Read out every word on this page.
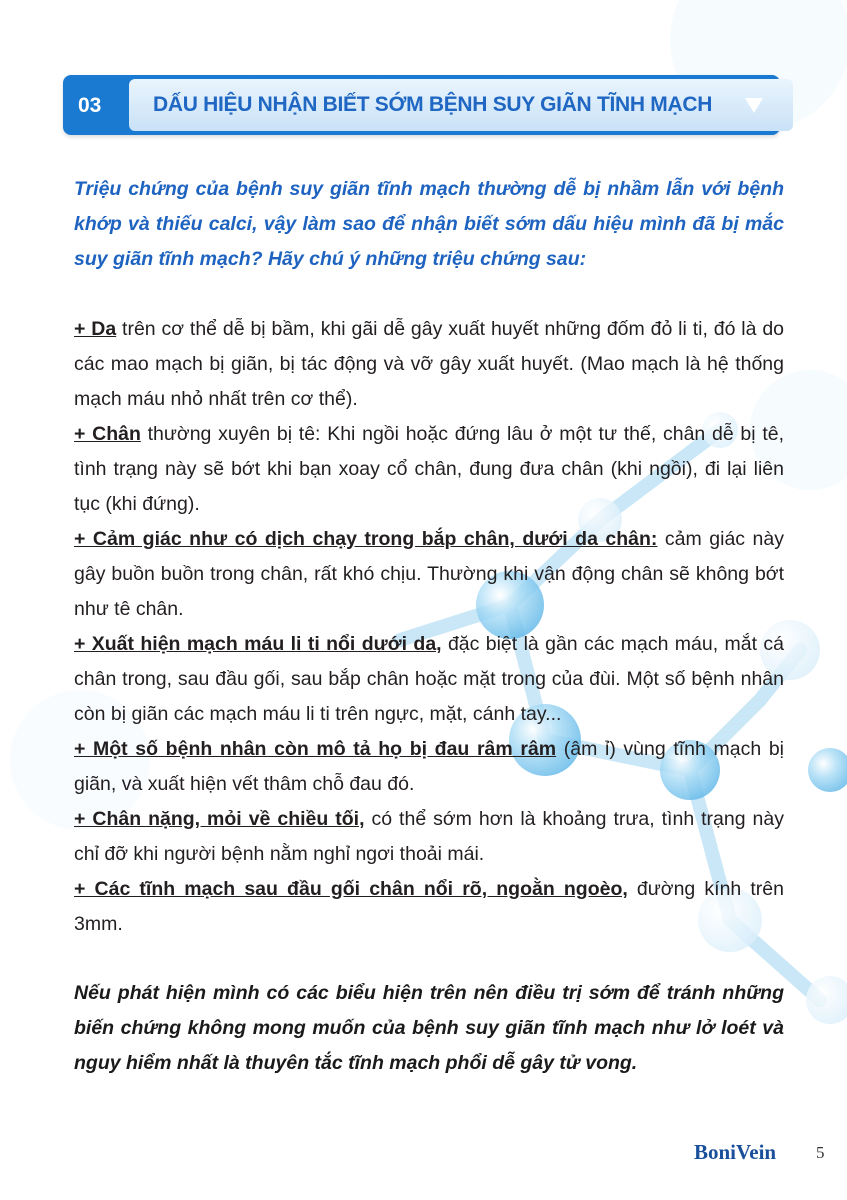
03	DẤU HIỆU NHẬN BIẾT SỚM BỆNH SUY GIÃN TĨNH MẠCH
Triệu chứng của bệnh suy giãn tĩnh mạch thường dễ bị nhầm lẫn với bệnh khớp và thiếu calci, vậy làm sao để nhận biết sớm dấu hiệu mình đã bị mắc suy giãn tĩnh mạch? Hãy chú ý những triệu chứng sau:
+ Da trên cơ thể dễ bị bầm, khi gãi dễ gây xuất huyết những đốm đỏ li ti, đó là do các mao mạch bị giãn, bị tác động và vỡ gây xuất huyết. (Mao mạch là hệ thống mạch máu nhỏ nhất trên cơ thể).
+ Chân thường xuyên bị tê: Khi ngồi hoặc đứng lâu ở một tư thế, chân dễ bị tê, tình trạng này sẽ bớt khi bạn xoay cổ chân, đung đưa chân (khi ngồi), đi lại liên tục (khi đứng).
+ Cảm giác như có dịch chạy trong bắp chân, dưới da chân: cảm giác này gây buồn buồn trong chân, rất khó chịu. Thường khi vận động chân sẽ không bớt như tê chân.
+ Xuất hiện mạch máu li ti nổi dưới da, đặc biệt là gần các mạch máu, mắt cá chân trong, sau đầu gối, sau bắp chân hoặc mặt trong của đùi. Một số bệnh nhân còn bị giãn các mạch máu li ti trên ngực, mặt, cánh tay...
+ Một số bệnh nhân còn mô tả họ bị đau râm râm (âm ỉ) vùng tĩnh mạch bị giãn, và xuất hiện vết thâm chỗ đau đó.
+ Chân nặng, mỏi về chiều tối, có thể sớm hơn là khoảng trưa, tình trạng này chỉ đỡ khi người bệnh nằm nghỉ ngơi thoải mái.
+ Các tĩnh mạch sau đầu gối chân nổi rõ, ngoằn ngoèo, đường kính trên 3mm.
Nếu phát hiện mình có các biểu hiện trên nên điều trị sớm để tránh những biến chứng không mong muốn của bệnh suy giãn tĩnh mạch như lở loét và nguy hiểm nhất là thuyên tắc tĩnh mạch phổi dễ gây tử vong.
BoniVein 5
